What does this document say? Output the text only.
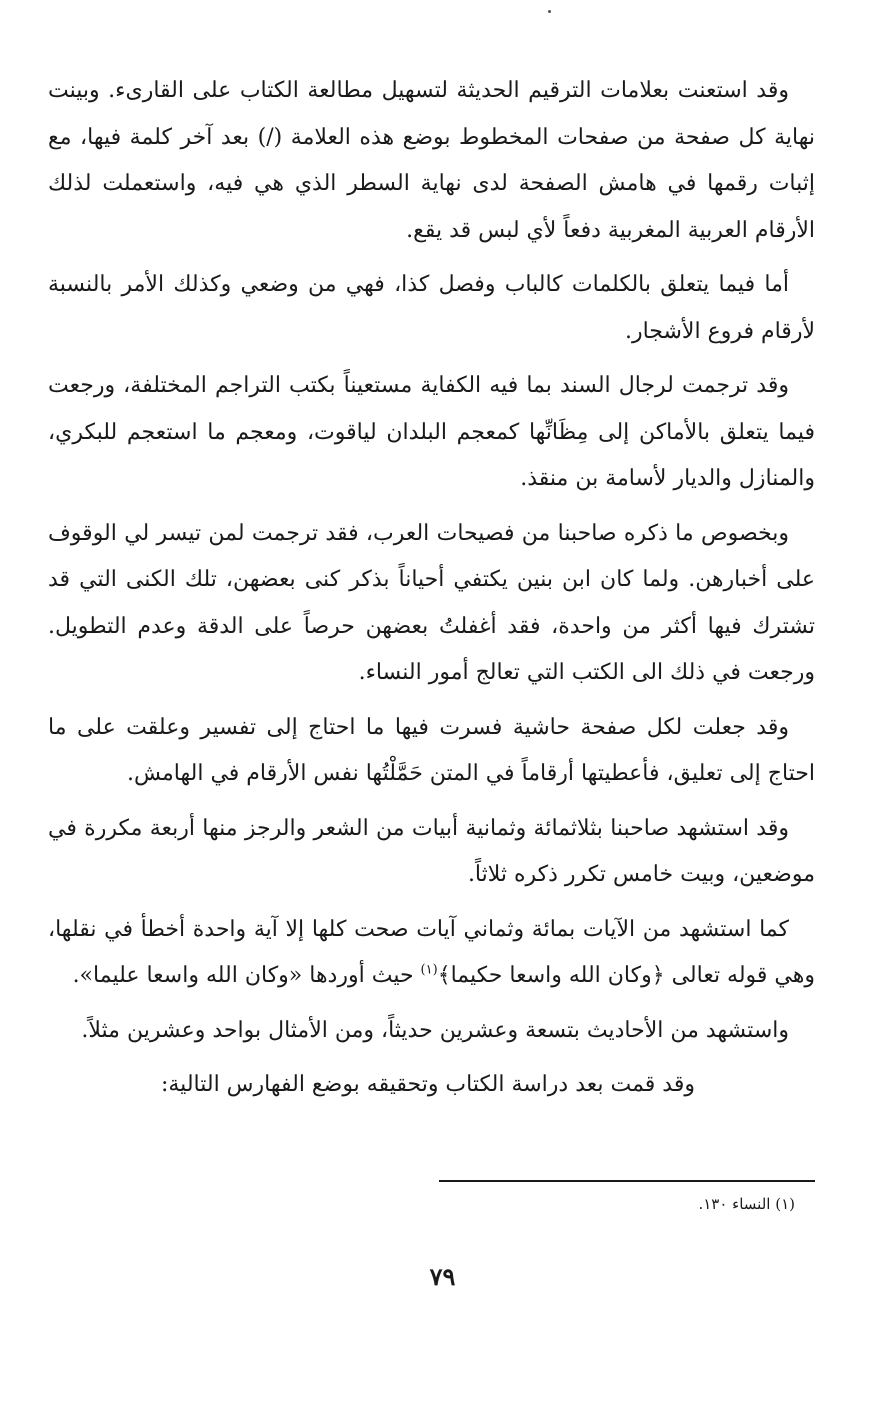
وقد استعنت بعلامات الترقيم الحديثة لتسهيل مطالعة الكتاب على القارىء. وبينت نهاية كل صفحة من صفحات المخطوط بوضع هذه العلامة (/) بعد آخر كلمة فيها، مع إثبات رقمها في هامش الصفحة لدى نهاية السطر الذي هي فيه، واستعملت لذلك الأرقام العربية المغربية دفعاً لأي لبس قد يقع.

أما فيما يتعلق بالكلمات كالباب وفصل كذا، فهي من وضعي وكذلك الأمر بالنسبة لأرقام فروع الأشجار.

وقد ترجمت لرجال السند بما فيه الكفاية مستعيناً بكتب التراجم المختلفة، ورجعت فيما يتعلق بالأماكن إلى مِظَانِّها كمعجم البلدان لياقوت، ومعجم ما استعجم للبكري، والمنازل والديار لأسامة بن منقذ.

وبخصوص ما ذكره صاحبنا من فصيحات العرب، فقد ترجمت لمن تيسر لي الوقوف على أخبارهن. ولما كان ابن بنين يكتفي أحياناً بذكر كنى بعضهن، تلك الكنى التي قد تشترك فيها أكثر من واحدة، فقد أغفلتُ بعضهن حرصاً على الدقة وعدم التطويل. ورجعت في ذلك الى الكتب التي تعالج أمور النساء.

وقد جعلت لكل صفحة حاشية فسرت فيها ما احتاج إلى تفسير وعلقت على ما احتاج إلى تعليق، فأعطيتها أرقاماً في المتن حَمَّلْتُها نفس الأرقام في الهامش.

وقد استشهد صاحبنا بثلاثمائة وثمانية أبيات من الشعر والرجز منها أربعة مكررة في موضعين، وبيت خامس تكرر ذكره ثلاثاً.

كما استشهد من الآيات بمائة وثماني آيات صحت كلها إلا آية واحدة أخطأ في نقلها، وهي قوله تعالى ﴿وكان الله واسعا حكيما﴾$^{(١)}$ حيث أوردها «وكان الله واسعا عليما».

واستشهد من الأحاديث بتسعة وعشرين حديثاً، ومن الأمثال بواحد وعشرين مثلاً.

وقد قمت بعد دراسة الكتاب وتحقيقه بوضع الفهارس التالية:

(١) النساء ١٣٠.
٧٩
